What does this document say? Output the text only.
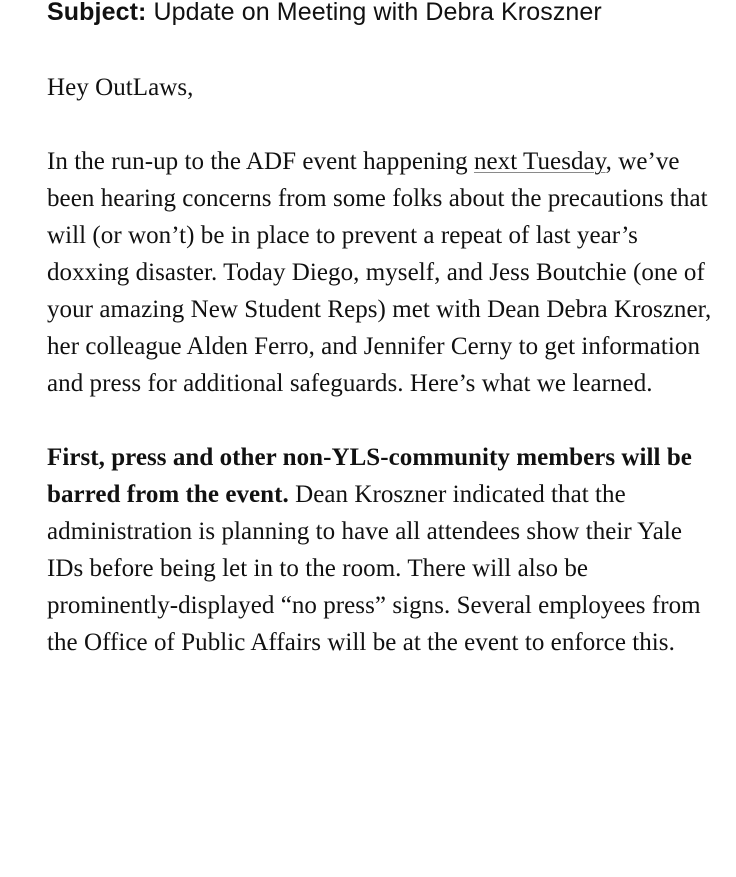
Subject: Update on Meeting with Debra Kroszner
Hey OutLaws,
In the run-up to the ADF event happening next Tuesday, we’ve been hearing concerns from some folks about the precautions that will (or won’t) be in place to prevent a repeat of last year’s doxxing disaster. Today Diego, myself, and Jess Boutchie (one of your amazing New Student Reps) met with Dean Debra Kroszner, her colleague Alden Ferro, and Jennifer Cerny to get information and press for additional safeguards. Here’s what we learned.
First, press and other non-YLS-community members will be barred from the event. Dean Kroszner indicated that the administration is planning to have all attendees show their Yale IDs before being let in to the room. There will also be prominently-displayed “no press” signs. Several employees from the Office of Public Affairs will be at the event to enforce this.
